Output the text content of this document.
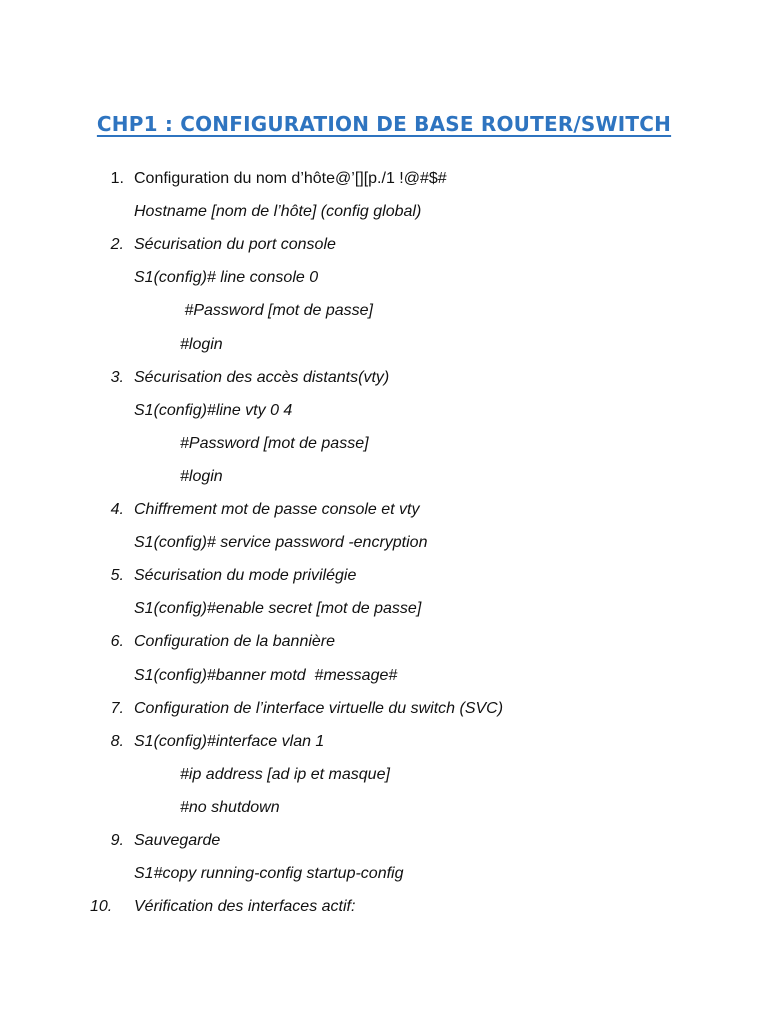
CHP1 : CONFIGURATION DE BASE ROUTER/SWITCH
1. Configuration du nom d’hôte@’[][p./1 !@#$#
Hostname [nom de l’hôte] (config global)
2. Sécurisation du port console
S1(config)# line console 0
#Password [mot de passe]
#login
3. Sécurisation des accès distants(vty)
S1(config)#line vty 0 4
#Password [mot de passe]
#login
4. Chiffrement mot de passe console et vty
S1(config)# service password -encryption
5. Sécurisation du mode privilégie
S1(config)#enable secret [mot de passe]
6. Configuration de la bannière
S1(config)#banner motd  #message#
7. Configuration de l’interface virtuelle du switch (SVC)
8. S1(config)#interface vlan 1
#ip address [ad ip et masque]
#no shutdown
9. Sauvegarde
S1#copy running-config startup-config
10.	Vérification des interfaces actif:
